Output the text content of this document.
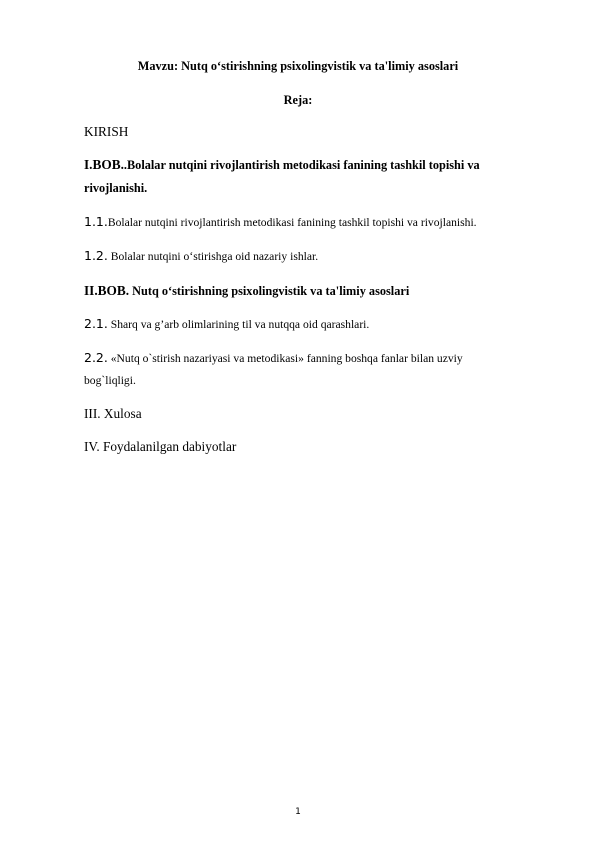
Mavzu: Nutq o‘stirishning psixolingvistik va ta'limiy asoslari
Reja:
KIRISH
I.BOB..Bolalar nutqini rivojlantirish metodikasi fanining tashkil topishi va
rivojlanishi.
1.1.Bolalar nutqini rivojlantirish metodikasi fanining tashkil topishi va rivojlanishi.
1.2. Bolalar nutqini o‘stirishga oid nazariy ishlar.
II.BOB. Nutq o‘stirishning psixolingvistik va ta'limiy asoslari
2.1. Sharq va g’arb olimlarining til va nutqqa oid qarashlari.
2.2. «Nutq o`stirish nazariyasi va metodikasi» fanning boshqa fanlar bilan uzviy
bog`liqligi.
III. Xulosa
IV. Foydalanilgan dabiyotlar
1
